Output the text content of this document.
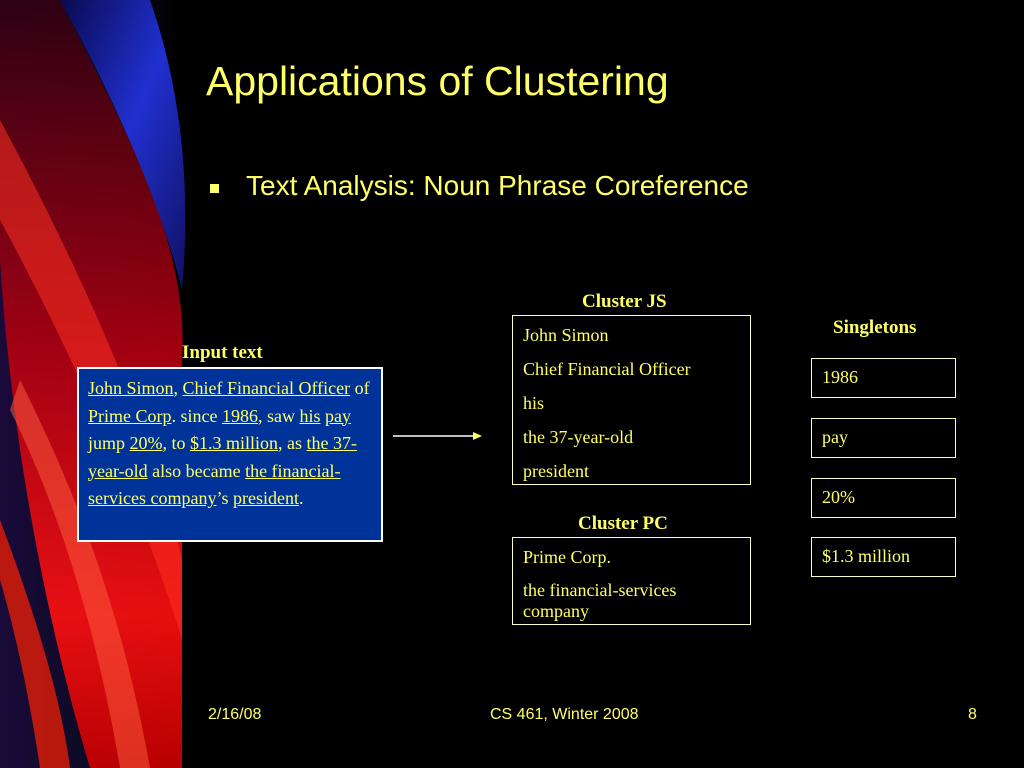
Applications of Clustering
Text Analysis: Noun Phrase Coreference
Input text
John Simon, Chief Financial Officer of Prime Corp. since 1986, saw his pay jump 20%, to $1.3 million, as the 37-year-old also became the financial-services company’s president.
Cluster JS
John Simon
Chief Financial Officer
his
the 37-year-old
president
Cluster PC
Prime Corp.
the financial-services company
Singletons
1986
pay
20%
$1.3 million
2/16/08	CS 461, Winter 2008	8
